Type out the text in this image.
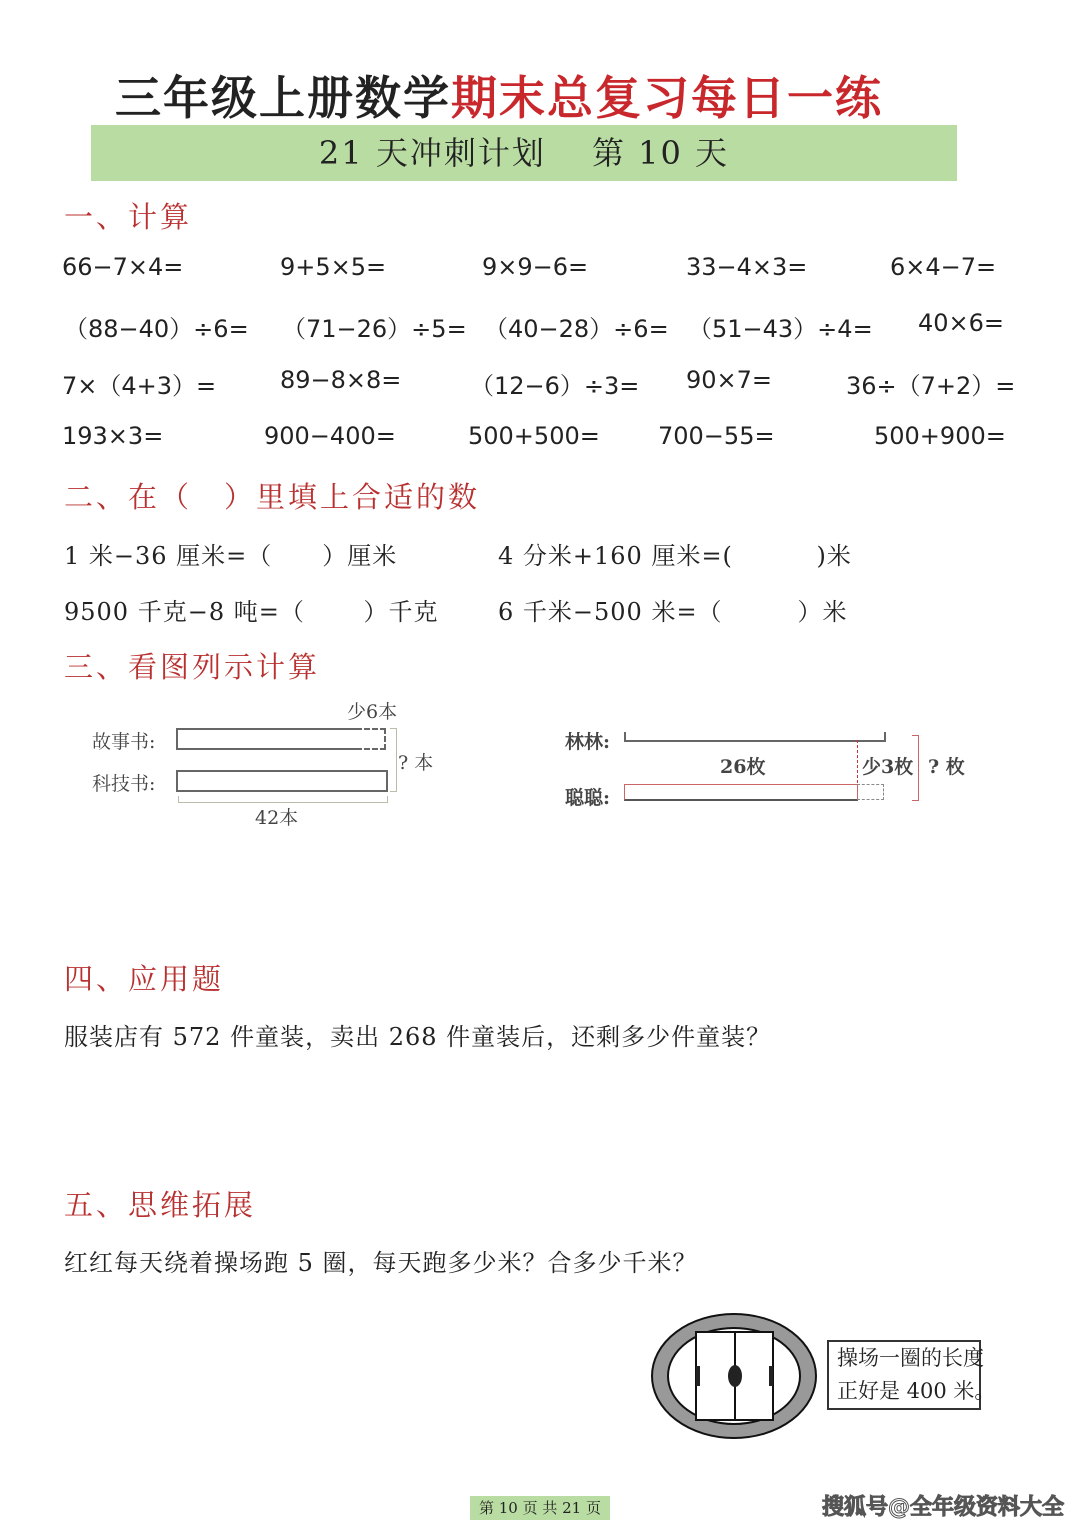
三年级上册数学期末总复习每日一练
21 天冲刺计划　 第 10 天
一、计算
66−7×4=	9+5×5=	9×9−6=	33−4×3=	6×4−7=
（88−40）÷6= （71−26）÷5= （40−28）÷6= （51−43）÷4= 40×6=
7×（4+3）=	89−8×8=	（12−6）÷3= 90×7=	36÷（7+2）=
193×3=	900−400=	500+500= 700−55=	500+900=
二、在（　）里填上合适的数
1 米−36 厘米=（　　）厘米	4 分米+160 厘米=(　　　 )米
9500 千克−8 吨=（　　 ）千克 6 千米−500 米=（　　　）米
三、看图列示计算
故事书:
科技书:
少6本
? 本
42本
林林:
聪聪:
26枚	少3枚 ? 枚
四、应用题
服装店有 572 件童装，卖出 268 件童装后，还剩多少件童装？
五、思维拓展
红红每天绕着操场跑 5 圈，每天跑多少米？合多少千米？
操场一圈的长度
正好是 400 米。
第 10 页 共 21 页	搜狐号@全年级资料大全
